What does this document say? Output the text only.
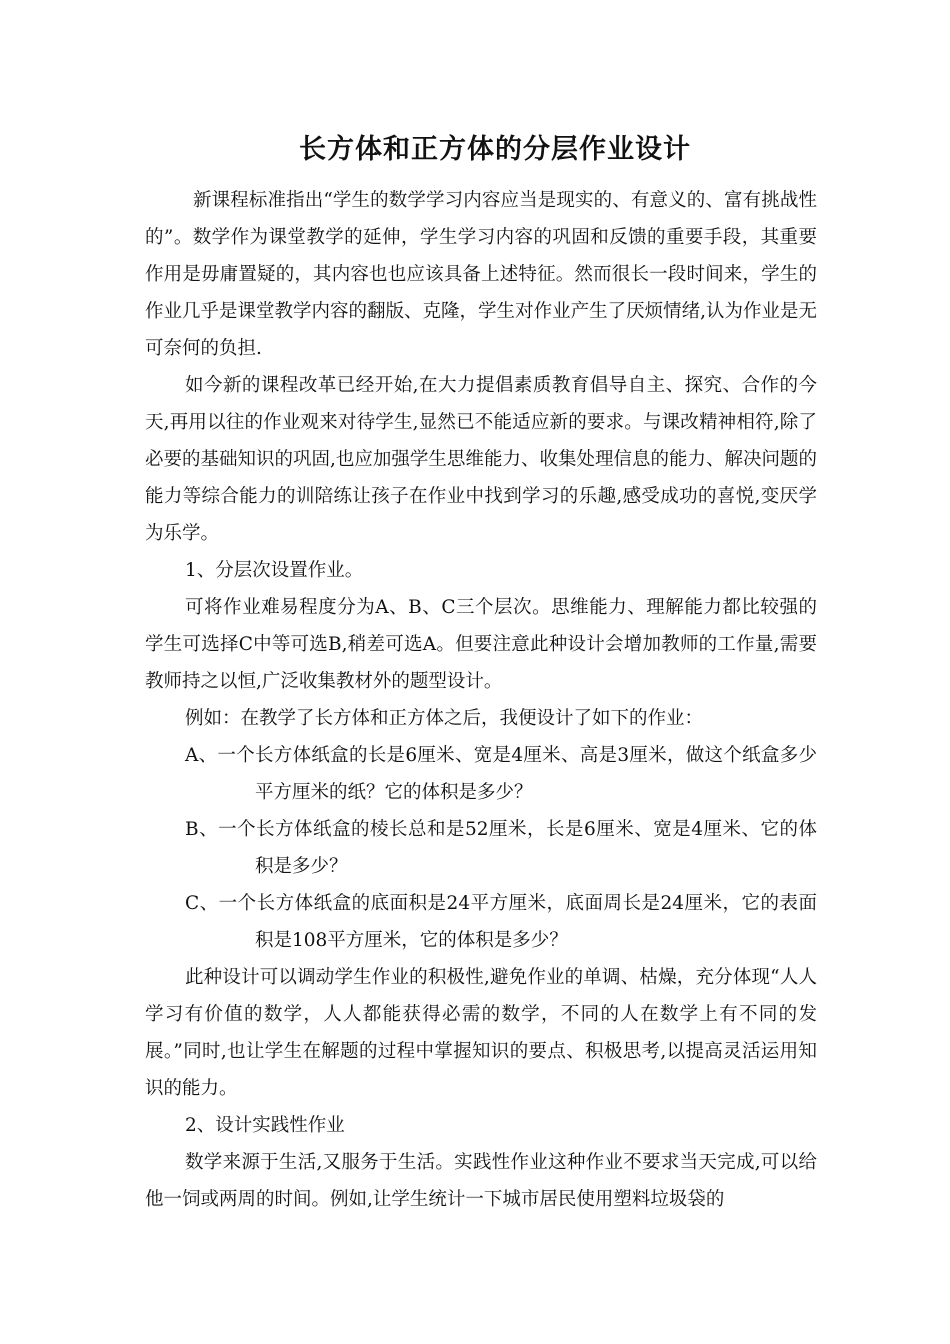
长方体和正方体的分层作业设计

新课程标准指出“学生的数学学习内容应当是现实的、有意义的、富有挑战性的”。数学作为课堂教学的延伸，学生学习内容的巩固和反馈的重要手段，其重要作用是毋庸置疑的，其内容也也应该具备上述特征。然而很长一段时间来，学生的作业几乎是课堂教学内容的翻版、克隆，学生对作业产生了厌烦情绪,认为作业是无可奈何的负担.

如今新的课程改革已经开始,在大力提倡素质教育倡导自主、探究、合作的今天,再用以往的作业观来对待学生,显然已不能适应新的要求。与课改精神相符,除了必要的基础知识的巩固,也应加强学生思维能力、收集处理信息的能力、解决问题的能力等综合能力的训陪练让孩子在作业中找到学习的乐趣,感受成功的喜悦,变厌学为乐学。

1、分层次设置作业。

可将作业难易程度分为A、B、C三个层次。思维能力、理解能力都比较强的学生可选择C中等可选B,稍差可选A。但要注意此种设计会增加教师的工作量,需要教师持之以恒,广泛收集教材外的题型设计。

例如：在教学了长方体和正方体之后，我便设计了如下的作业：

A、一个长方体纸盒的长是6厘米、宽是4厘米、高是3厘米，做这个纸盒多少平方厘米的纸？它的体积是多少？

B、一个长方体纸盒的棱长总和是52厘米，长是6厘米、宽是4厘米、它的体积是多少？

C、一个长方体纸盒的底面积是24平方厘米，底面周长是24厘米，它的表面积是108平方厘米，它的体积是多少？

此种设计可以调动学生作业的积极性,避免作业的单调、枯燥，充分体现“人人学习有价值的数学，人人都能获得必需的数学，不同的人在数学上有不同的发展。”同时,也让学生在解题的过程中掌握知识的要点、积极思考,以提高灵活运用知识的能力。

2、设计实践性作业

数学来源于生活,又服务于生活。实践性作业这种作业不要求当天完成,可以给他一饲或两周的时间。例如,让学生统计一下城市居民使用塑料垃圾袋的
